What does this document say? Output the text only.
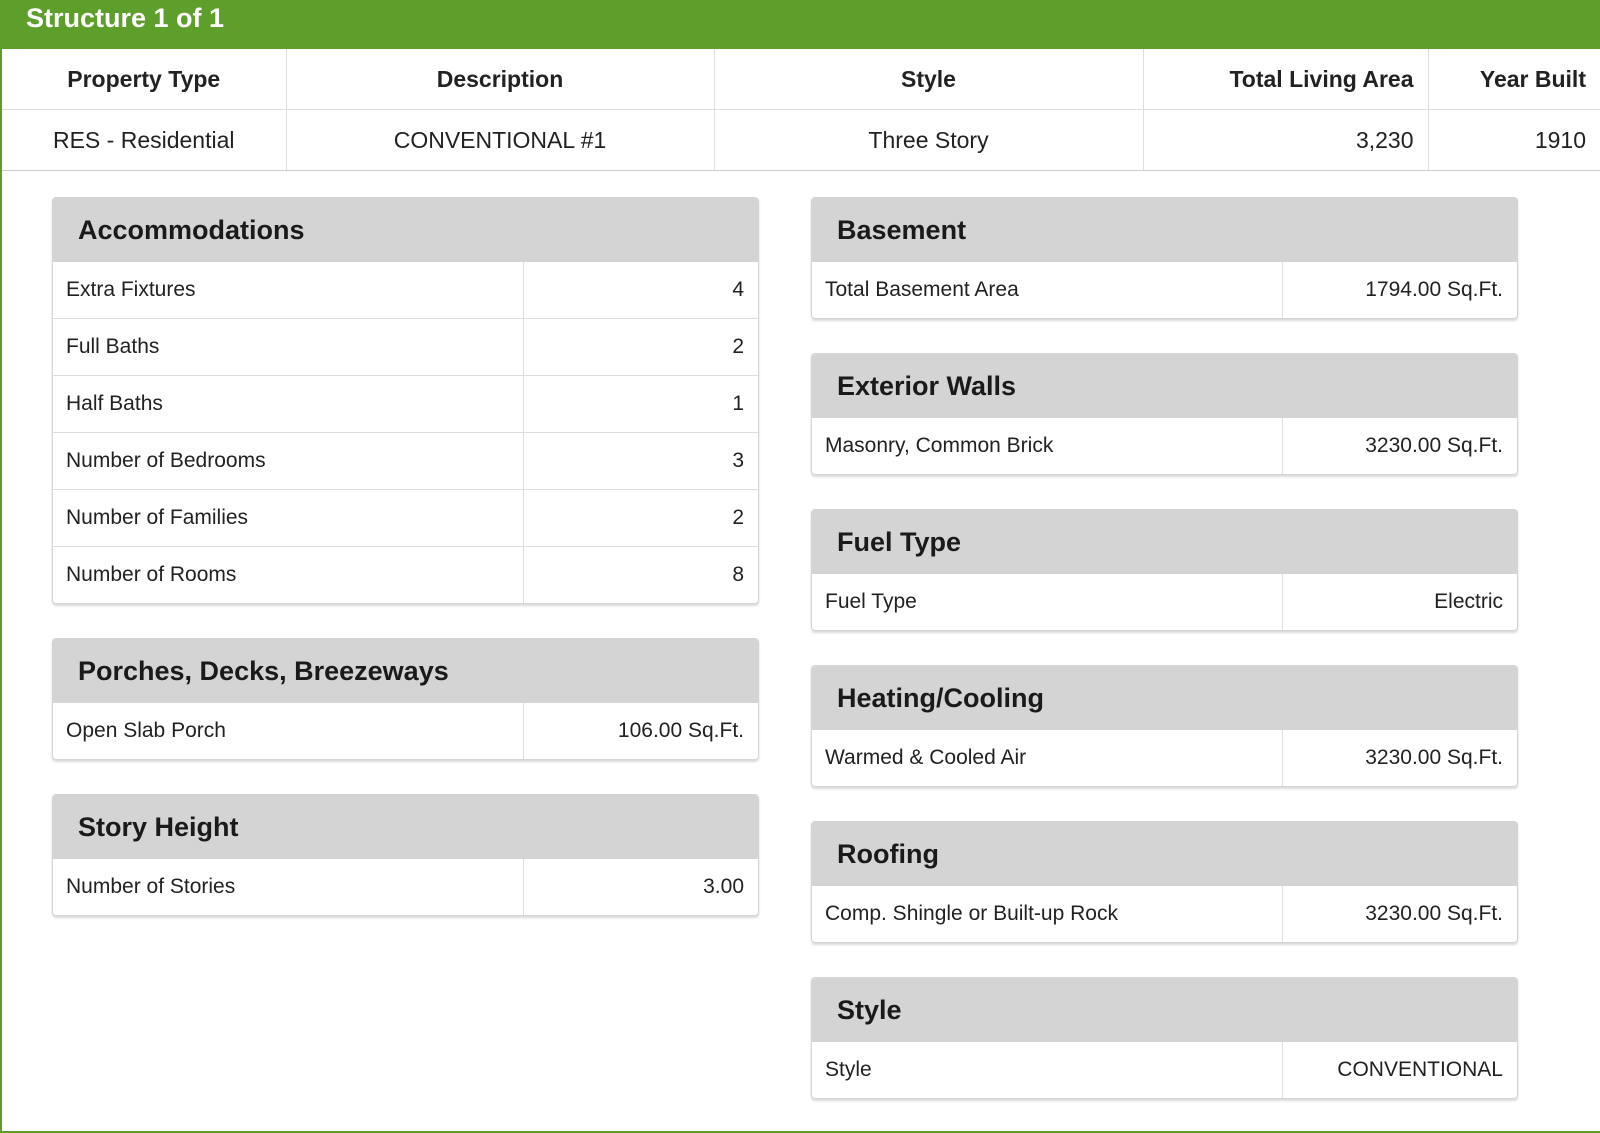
Structure 1 of 1
Property Type	Description	Style	Total Living Area	Year Built
RES - Residential	CONVENTIONAL #1	Three Story	3,230	1910
Accommodations
Extra Fixtures	4
Full Baths	2
Half Baths	1
Number of Bedrooms	3
Number of Families	2
Number of Rooms	8
Porches, Decks, Breezeways
Open Slab Porch	106.00 Sq.Ft.
Story Height
Number of Stories	3.00
Basement
Total Basement Area	1794.00 Sq.Ft.
Exterior Walls
Masonry, Common Brick	3230.00 Sq.Ft.
Fuel Type
Fuel Type	Electric
Heating/Cooling
Warmed & Cooled Air	3230.00 Sq.Ft.
Roofing
Comp. Shingle or Built-up Rock	3230.00 Sq.Ft.
Style
Style	CONVENTIONAL
